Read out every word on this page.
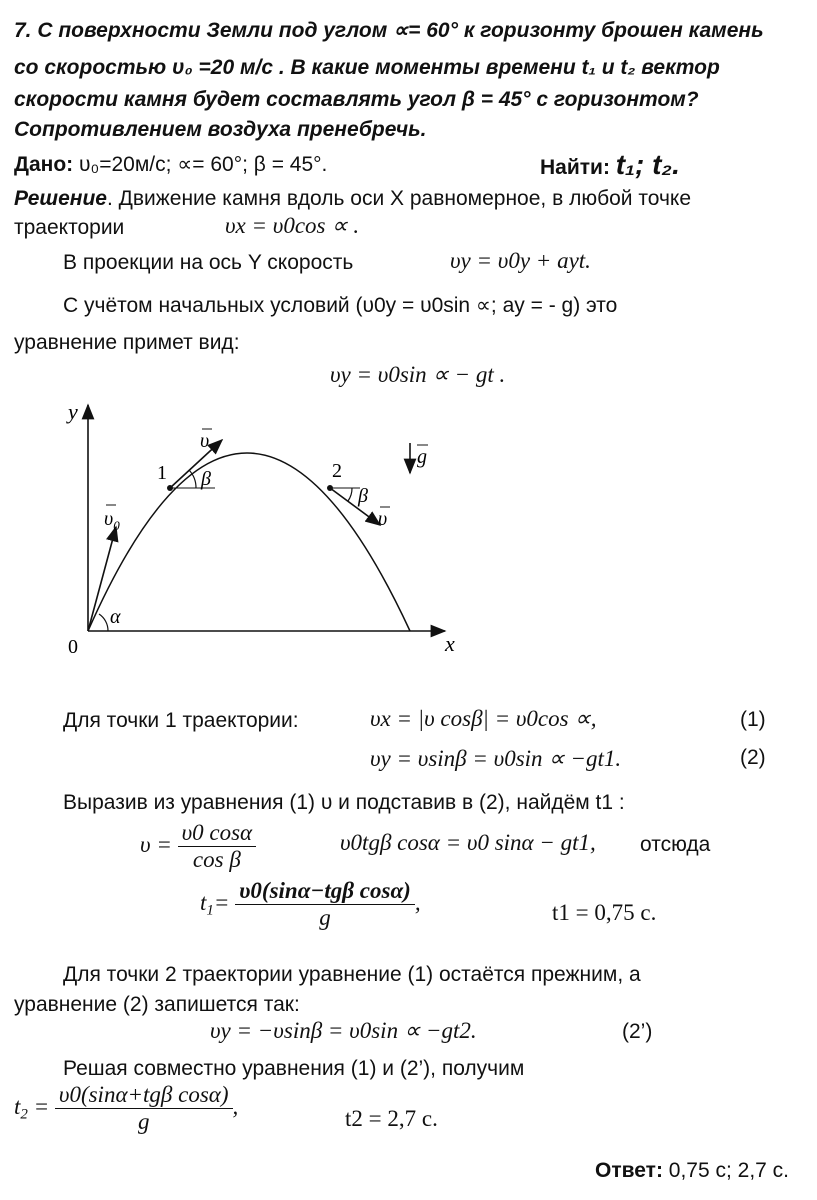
7. С поверхности Земли под углом ∝= 60° к горизонту брошен камень
со скоростью υ₀ =20 м/с . В какие моменты времени t₁ и t₂ вектор
скорости камня будет составлять угол β = 45° с горизонтом?
Сопротивлением воздуха пренебречь.
Дано: υ₀=20м/с; ∝= 60°; β = 45°.	Найти: t₁; t₂.
Решение. Движение камня вдоль оси X равномерное, в любой точке
траектории	υx = υ0cos ∝ .
В проекции на ось Y скорость	υy = υ0y + ayt.
С учётом начальных условий (υ0y = υ0sin ∝; ay = - g) это
уравнение примет вид:
υy = υ0sin ∝ − gt .
y
x
0
α
$\upsilon_0$
1
υ
β	2
υ
β
g
Для точки 1 траектории:	υx = |υ cosβ| = υ0cos ∝,	(1)
υy = υsinβ = υ0sin ∝ −gt1.	(2)
Выразив из уравнения (1) υ и подставив в (2), найдём t1 :
$\upsilon = \frac{\upsilon 0 \cos\alpha}{\text{cos β}}$	υ0tgβ cosα = υ0 sinα − gt1, отсюда
$t_1= \frac{\text{υ0(sinα−tgβ cosα)}}{g}$ ,	t1 = 0,75 c.
Для точки 2 траектории уравнение (1) остаётся прежним, а
уравнение (2) запишется так:
υy = −υsinβ = υ0sin ∝ −gt2.	(2’)
Решая совместно уравнения (1) и (2’), получим
$t_2 = \frac{\text{υ0(sinα+tgβ cosα)}}{g}$ ,	t2 = 2,7 c.
Ответ: 0,75 c; 2,7 c.
